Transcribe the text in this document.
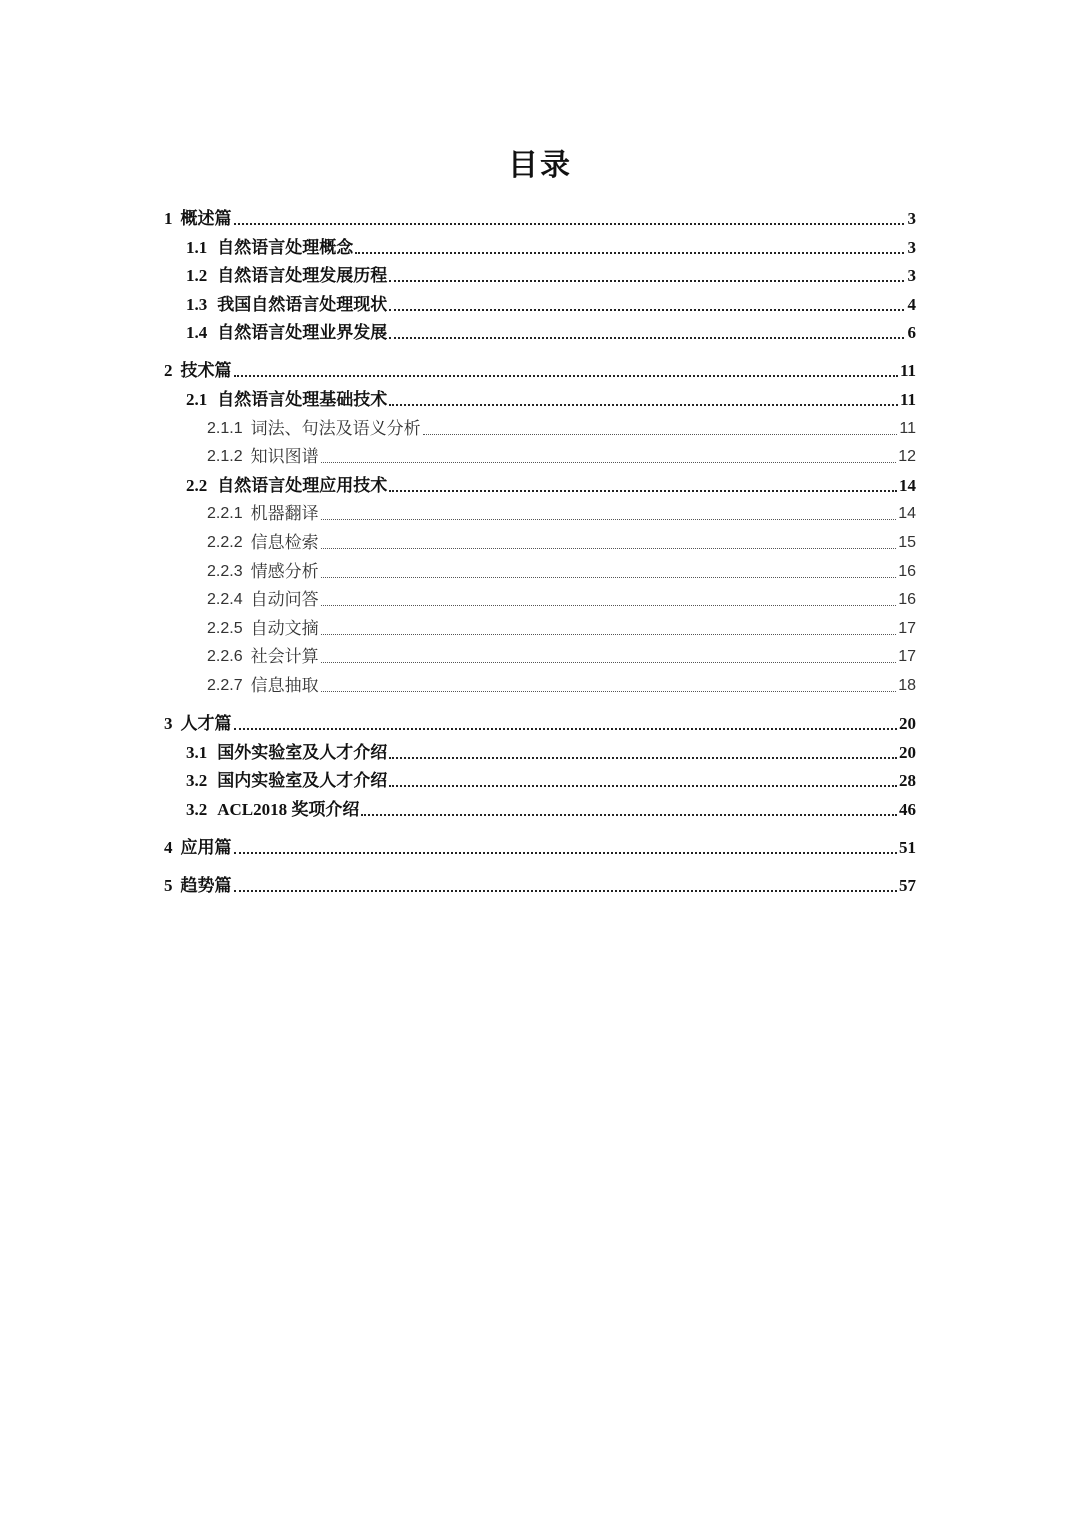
目录
1 概述篇	3
1.1 自然语言处理概念	3
1.2 自然语言处理发展历程	3
1.3 我国自然语言处理现状	4
1.4 自然语言处理业界发展	6
2 技术篇	11
2.1 自然语言处理基础技术	11
2.1.1 词法、句法及语义分析	11
2.1.2 知识图谱	12
2.2 自然语言处理应用技术	14
2.2.1 机器翻译	14
2.2.2 信息检索	15
2.2.3 情感分析	16
2.2.4 自动问答	16
2.2.5 自动文摘	17
2.2.6 社会计算	17
2.2.7 信息抽取	18
3 人才篇	20
3.1 国外实验室及人才介绍	20
3.2 国内实验室及人才介绍	28
3.2 ACL2018 奖项介绍	46
4 应用篇	51
5 趋势篇	57
